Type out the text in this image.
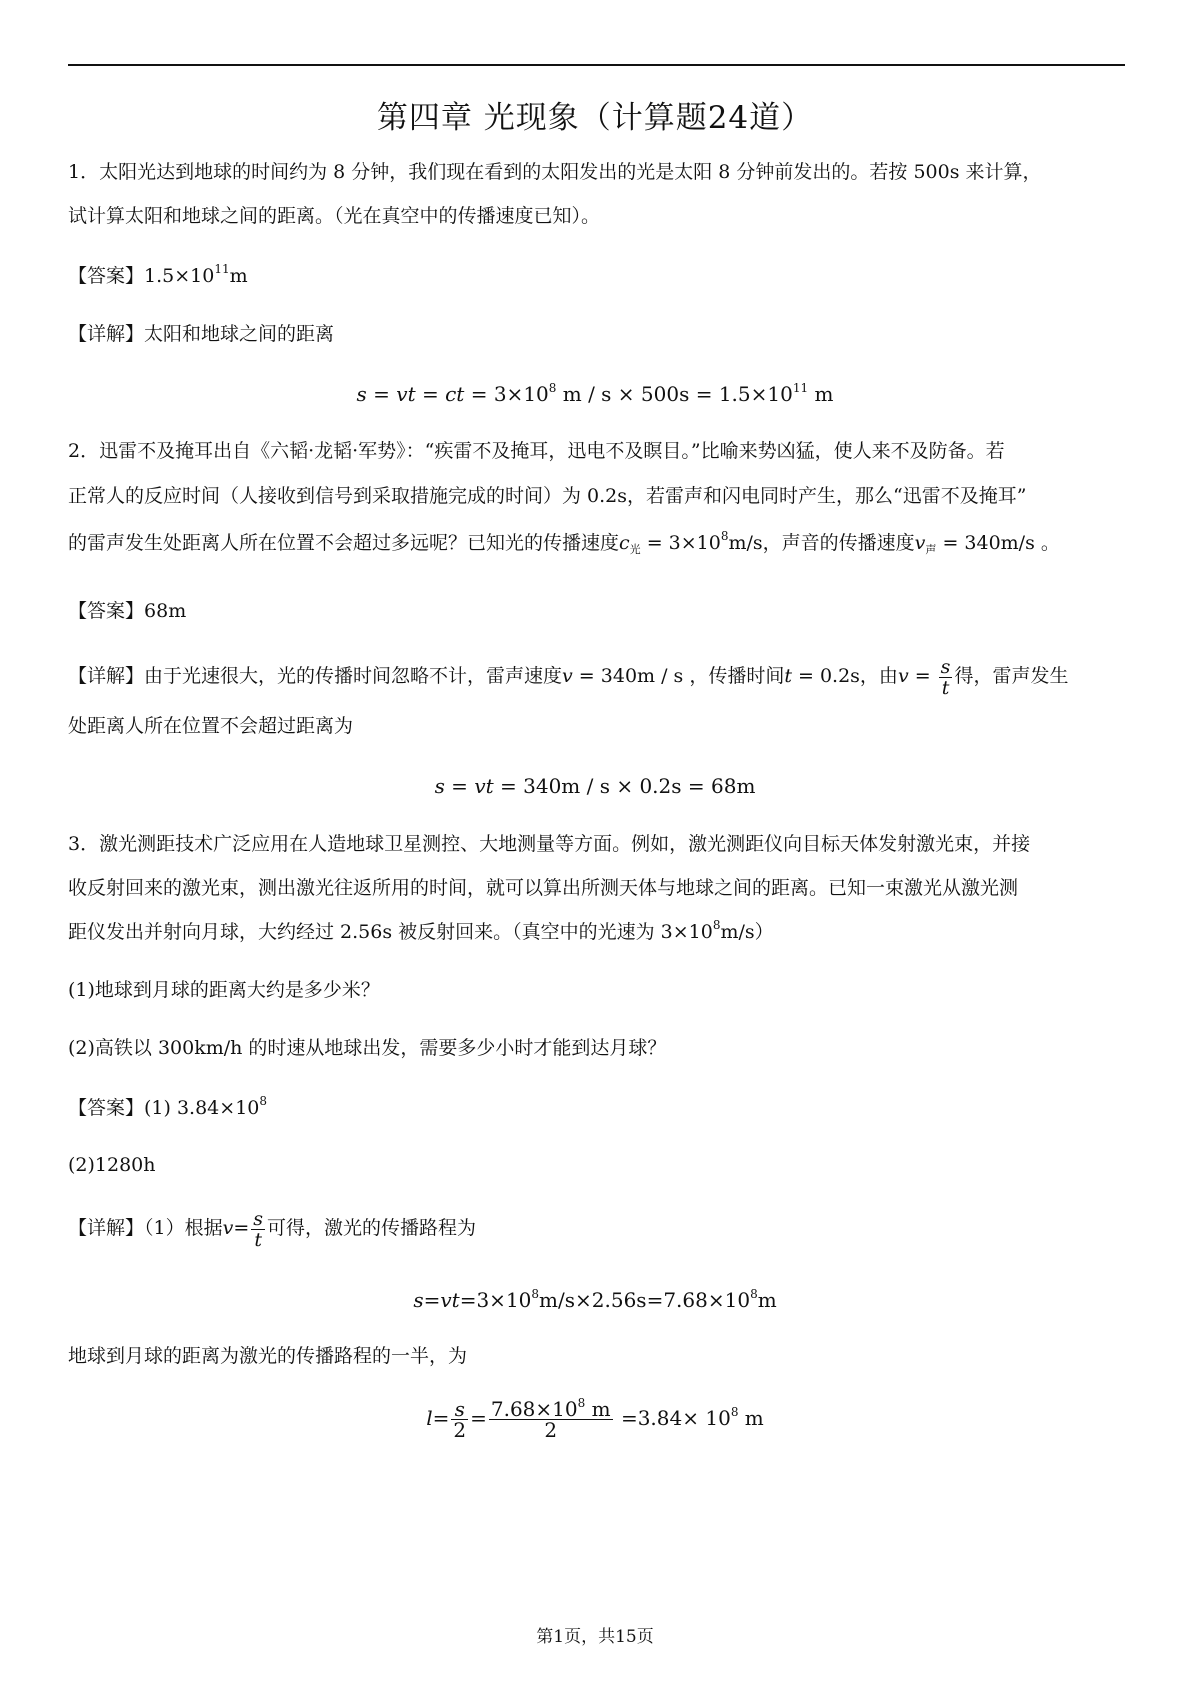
第四章 光现象（计算题24道）
1．太阳光达到地球的时间约为 8 分钟，我们现在看到的太阳发出的光是太阳 8 分钟前发出的。若按 500s 来计算，
试计算太阳和地球之间的距离。（光在真空中的传播速度已知）。
【答案】$1.5\times 10^{11}m$
【详解】太阳和地球之间的距离
s = vt = ct = $3\times 10^8$ $m / s \times 500s = 1.5\times 10^{11}$ m
2．迅雷不及掩耳出自《六韬·龙韬·军势》：“疾雷不及掩耳，迅电不及瞑目。”比喻来势凶猛，使人来不及防备。若
正常人的反应时间（人接收到信号到采取措施完成的时间）为 0.2s，若雷声和闪电同时产生，那么“迅雷不及掩耳”
的雷声发生处距离人所在位置不会超过多远呢？已知光的传播速度$c_光 = 3\times 10^8m/s$，声音的传播速度$v_声 = 340m/s$ 。
【答案】68m
【详解】由于光速很大，光的传播时间忽略不计，雷声速度v = 340m / s ，传播时间t = 0.2s，由$v = \frac{s}{t}$ 得，雷声发生
处距离人所在位置不会超过距离为
s = vt = 340m / s × 0.2s = 68m
3．激光测距技术广泛应用在人造地球卫星测控、大地测量等方面。例如，激光测距仪向目标天体发射激光束，并接
收反射回来的激光束，测出激光往返所用的时间，就可以算出所测天体与地球之间的距离。已知一束激光从激光测
距仪发出并射向月球，大约经过 2.56s 被反射回来。（真空中的光速为 $3\times 10^8m/s$）
(1)地球到月球的距离大约是多少米？
(2)高铁以 300km/h 的时速从地球出发，需要多少小时才能到达月球？
【答案】(1) $3.84\times 10^8$
(2)1280h
【详解】（1）根据$v= \frac{s}{t}$ 可得，激光的传播路程为
$s=vt=3\times 10^8m/s\times 2.56s=7.68\times 10^8m$
地球到月球的距离为激光的传播路程的一半，为
$l= \frac{s}{2} = \frac{7.68\times 10^8 m}{2} =3.84\times 10^8$ m
第1页，共15页
